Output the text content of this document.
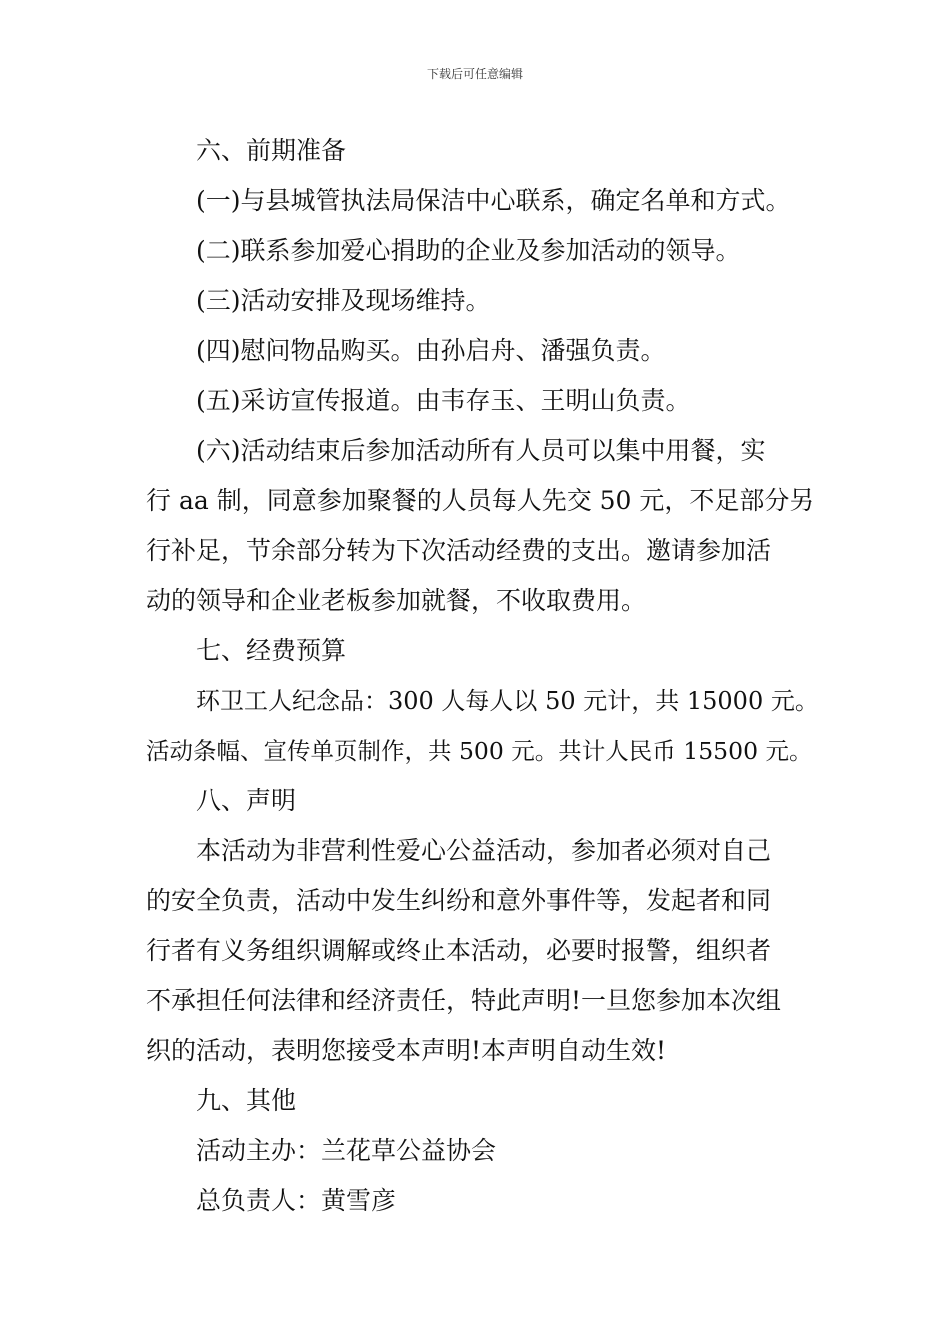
下载后可任意编辑
六、前期准备
(一)与县城管执法局保洁中心联系，确定名单和方式。
(二)联系参加爱心捐助的企业及参加活动的领导。
(三)活动安排及现场维持。
(四)慰问物品购买。由孙启舟、潘强负责。
(五)采访宣传报道。由韦存玉、王明山负责。
(六)活动结束后参加活动所有人员可以集中用餐，实
行 aa 制，同意参加聚餐的人员每人先交 50 元，不足部分另
行补足，节余部分转为下次活动经费的支出。邀请参加活
动的领导和企业老板参加就餐，不收取费用。
七、经费预算
环卫工人纪念品：300 人每人以 50 元计，共 15000 元。
活动条幅、宣传单页制作，共 500 元。共计人民币 15500 元。
八、声明
本活动为非营利性爱心公益活动，参加者必须对自己
的安全负责，活动中发生纠纷和意外事件等，发起者和同
行者有义务组织调解或终止本活动，必要时报警，组织者
不承担任何法律和经济责任，特此声明!一旦您参加本次组
织的活动，表明您接受本声明!本声明自动生效!
九、其他
活动主办：兰花草公益协会
总负责人：黄雪彦
